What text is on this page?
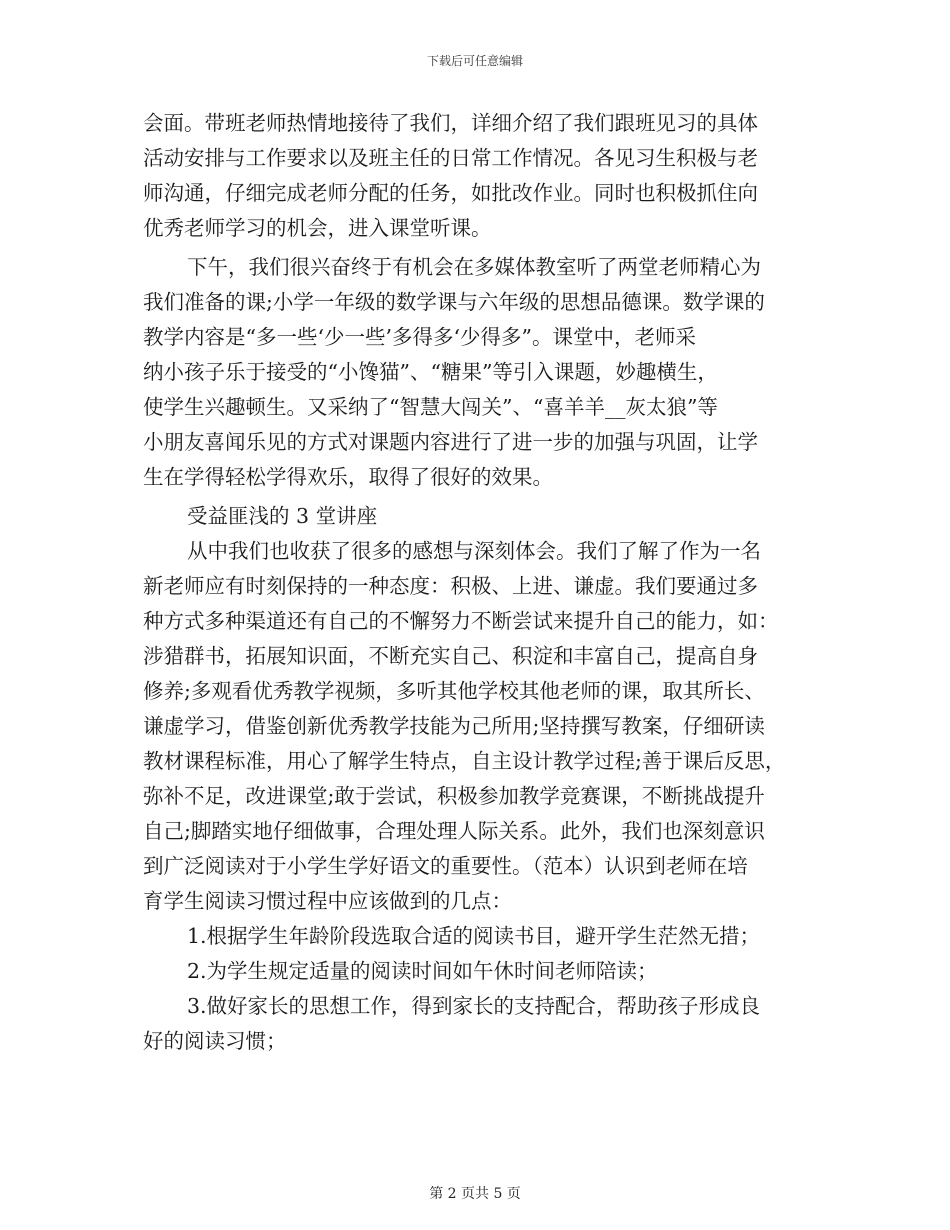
下载后可任意编辑
会面。带班老师热情地接待了我们，详细介绍了我们跟班见习的具体
活动安排与工作要求以及班主任的日常工作情况。各见习生积极与老
师沟通，仔细完成老师分配的任务，如批改作业。同时也积极抓住向
优秀老师学习的机会，进入课堂听课。
下午，我们很兴奋终于有机会在多媒体教室听了两堂老师精心为
我们准备的课;小学一年级的数学课与六年级的思想品德课。数学课的
教学内容是“多一些‘少一些’多得多‘少得多”。课堂中，老师采
纳小孩子乐于接受的“小馋猫”、“糖果”等引入课题，妙趣横生，
使学生兴趣顿生。又采纳了“智慧大闯关”、“喜羊羊__灰太狼”等
小朋友喜闻乐见的方式对课题内容进行了进一步的加强与巩固，让学
生在学得轻松学得欢乐，取得了很好的效果。
受益匪浅的 3 堂讲座
从中我们也收获了很多的感想与深刻体会。我们了解了作为一名
新老师应有时刻保持的一种态度：积极、上进、谦虚。我们要通过多
种方式多种渠道还有自己的不懈努力不断尝试来提升自己的能力，如：
涉猎群书，拓展知识面，不断充实自己、积淀和丰富自己，提高自身
修养;多观看优秀教学视频，多听其他学校其他老师的课，取其所长、
谦虚学习，借鉴创新优秀教学技能为己所用;坚持撰写教案，仔细研读
教材课程标准，用心了解学生特点，自主设计教学过程;善于课后反思，
弥补不足，改进课堂;敢于尝试，积极参加教学竞赛课，不断挑战提升
自己;脚踏实地仔细做事，合理处理人际关系。此外，我们也深刻意识
到广泛阅读对于小学生学好语文的重要性。（范本）认识到老师在培
育学生阅读习惯过程中应该做到的几点：
1.根据学生年龄阶段选取合适的阅读书目，避开学生茫然无措；
2.为学生规定适量的阅读时间如午休时间老师陪读；
3.做好家长的思想工作，得到家长的支持配合，帮助孩子形成良
好的阅读习惯；
第 2 页共 5 页
